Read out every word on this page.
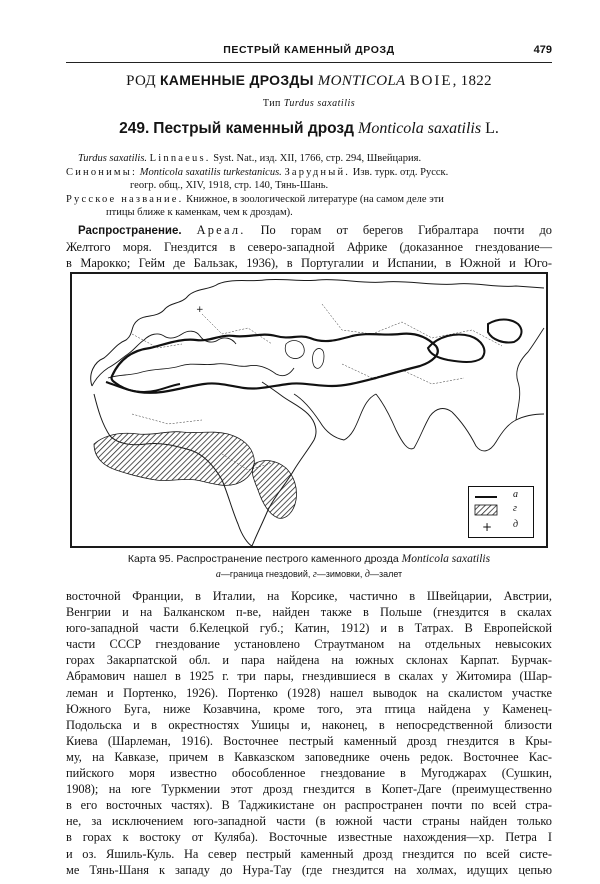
ПЕСТРЫЙ КАМЕННЫЙ ДРОЗД	479
РОД КАМЕННЫЕ ДРОЗДЫ MONTICOLA BOIE, 1822
Тип Turdus saxatilis
249. Пестрый каменный дрозд Monticola saxatilis L.
Turdus saxatilis. Linnaeus. Syst. Nat., изд. XII, 1766, стр. 294, Швейцария.
Синонимы: Monticola saxatilis turkestanicus. Зарудный. Изв. турк. отд. Русск.
геогр. общ., XIV, 1918, стр. 140, Тянь-Шань.
Русское название. Книжное, в зоологической литературе (на самом деле эти
птицы ближе к каменкам, чем к дроздам).
Распространение. Ареал. По горам от берегов Гибралтара почти до
Желтого моря. Гнездится в северо-западной Африке (доказанное гнездование—
в Марокко; Гейм де Бальзак, 1936), в Португалии и Испании, в Южной и Юго-
+
+
а
г
д
Карта 95. Распространение пестрого каменного дрозда Monticola saxatilis
а—граница гнездовий, г—зимовки, д—залет
восточной Франции, в Италии, на Корсике, частично в Швейцарии, Австрии,
Венгрии и на Балканском п-ве, найден также в Польше (гнездится в скалах
юго-западной части б.Келецкой губ.; Катин, 1912) и в Татрах. В Европейской
части СССР гнездование установлено Страутманом на отдельных невысоких
горах Закарпатской обл. и пара найдена на южных склонах Карпат. Бурчак-
Абрамович нашел в 1925 г. три пары, гнездившиеся в скалах у Житомира (Шар-
леман и Портенко, 1926). Портенко (1928) нашел выводок на скалистом участке
Южного Буга, ниже Козавчина, кроме того, эта птица найдена у Каменец-
Подольска и в окрестностях Ушицы и, наконец, в непосредственной близости
Киева (Шарлеман, 1916). Восточнее пестрый каменный дрозд гнездится в Кры-
му, на Кавказе, причем в Кавказском заповеднике очень редок. Восточнее Кас-
пийского моря известно обособленное гнездование в Мугоджарах (Сушкин,
1908); на юге Туркмении этот дрозд гнездится в Копет-Даге (преимущественно
в его восточных частях). В Таджикистане он распространен почти по всей стра-
не, за исключением юго-западной части (в южной части страны найден только
в горах к востоку от Куляба). Восточные известные нахождения—хр. Петра I
и оз. Яшиль-Куль. На север пестрый каменный дрозд гнездится по всей систе-
ме Тянь-Шаня к западу до Нура-Тау (где гнездится на холмах, идущих цепью
